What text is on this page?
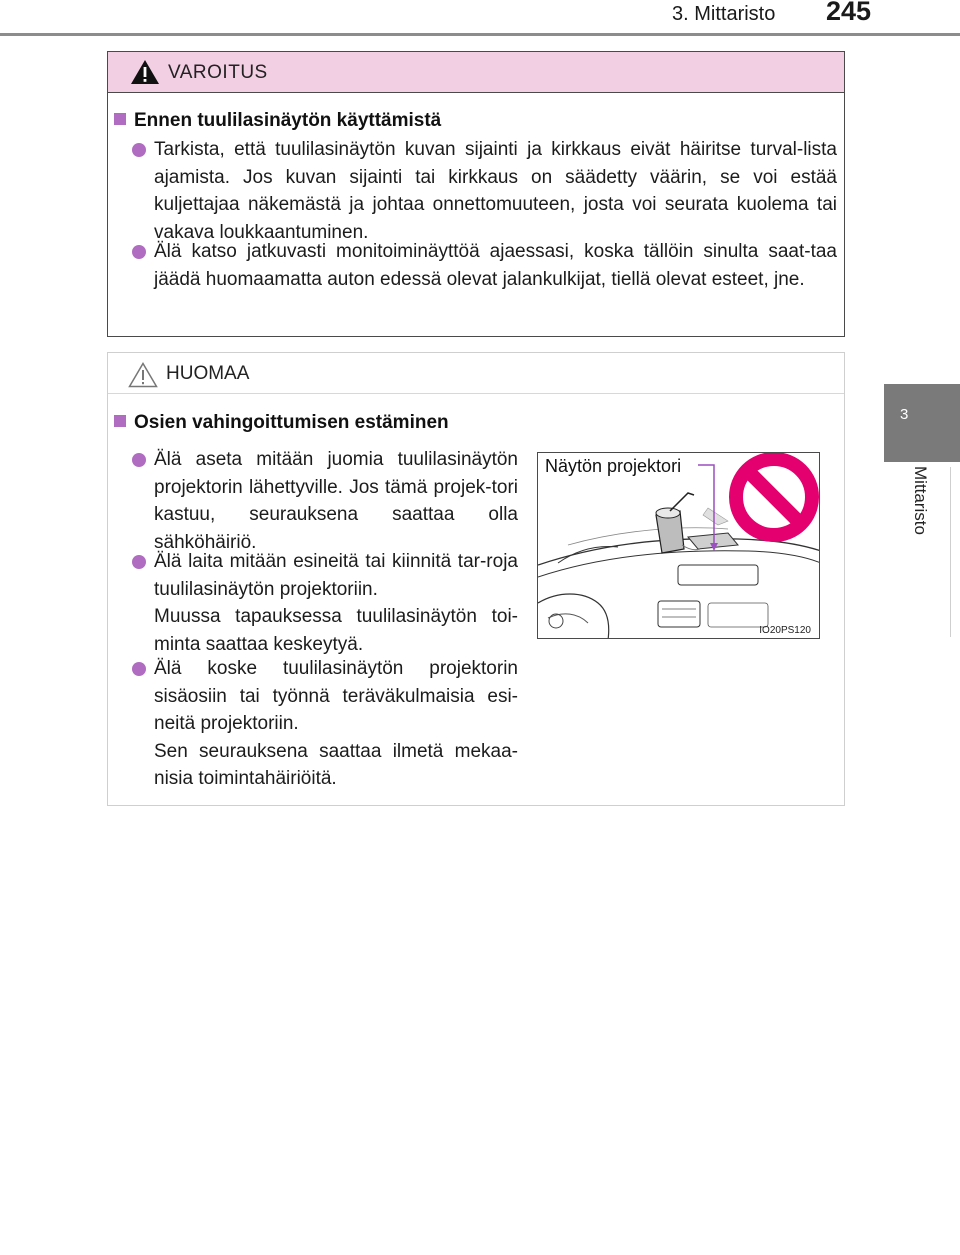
3. Mittaristo 245
3
Mittaristo
VAROITUS
Ennen tuulilasinäytön käyttämistä

Tarkista, että tuulilasinäytön kuvan sijainti ja kirkkaus eivät häiritse turval-lista ajamista. Jos kuvan sijainti tai kirkkaus on säädetty väärin, se voi estää kuljettajaa näkemästä ja johtaa onnettomuuteen, josta voi seurata kuolema tai vakava loukkaantuminen.

Älä katso jatkuvasti monitoiminäyttöä ajaessasi, koska tällöin sinulta saat-taa jäädä huomaamatta auton edessä olevat jalankulkijat, tiellä olevat esteet, jne.

HUOMAA
Osien vahingoittumisen estäminen

Älä aseta mitään juomia tuulilasinäytön projektorin lähettyville. Jos tämä projek-tori kastuu, seurauksena saattaa olla sähköhäiriö.

Älä laita mitään esineitä tai kiinnitä tar-roja tuulilasinäytön projektoriin.

Muussa tapauksessa tuulilasinäytön toi-minta saattaa keskeytyä.

Älä koske tuulilasinäytön projektorin sisäosiin tai työnnä teräväkulmaisia esi-neitä projektoriin.

Sen seurauksena saattaa ilmetä mekaa-nisia toimintahäiriöitä.

Näytön projektori
IO20PS120
